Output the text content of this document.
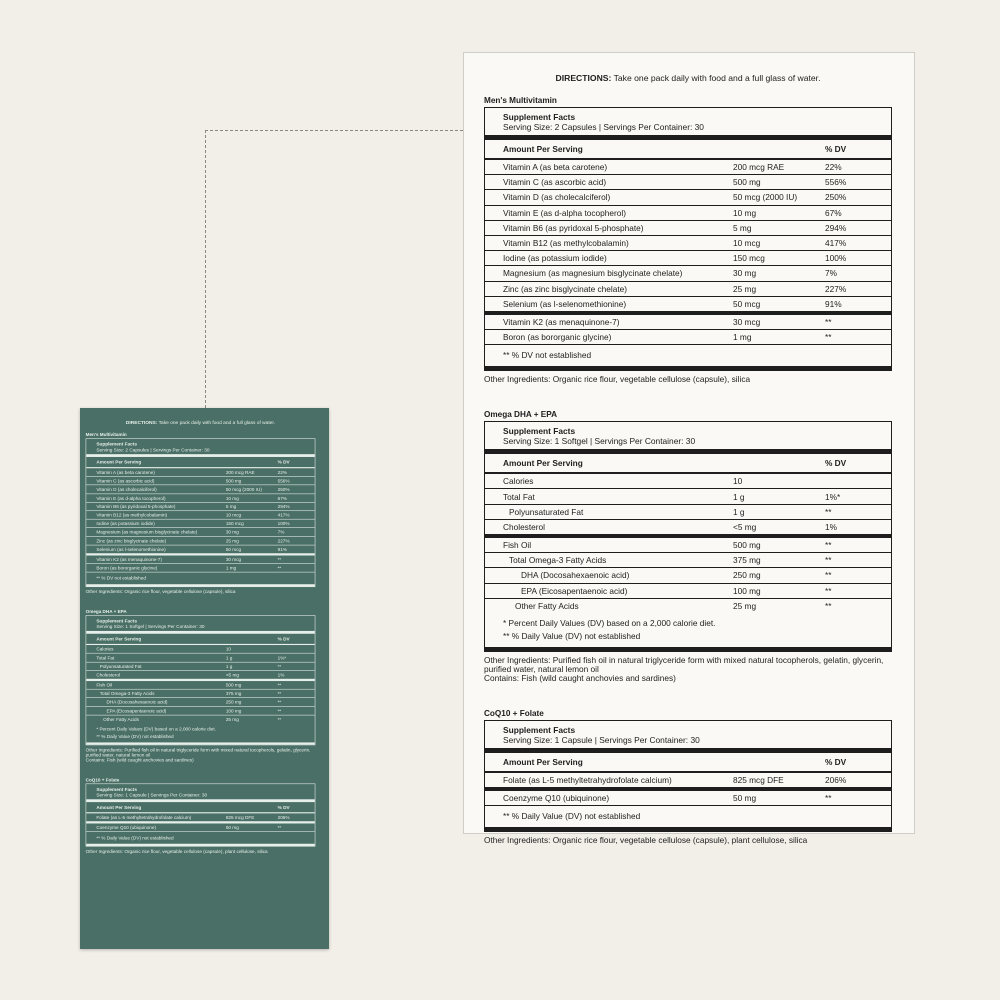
DIRECTIONS: Take one pack daily with food and a full glass of water.
Men's Multivitamin
Supplement Facts
Serving Size: 2 Capsules | Servings Per Container: 30
Amount Per Serving	% DV
Vitamin A (as beta carotene)	200 mcg RAE	22%
Vitamin C (as ascorbic acid)	500 mg	556%
Vitamin D (as cholecalciferol)	50 mcg (2000 IU)	250%
Vitamin E (as d-alpha tocopherol)	10 mg	67%
Vitamin B6 (as pyridoxal 5-phosphate)	5 mg	294%
Vitamin B12 (as methylcobalamin)	10 mcg	417%
Iodine (as potassium iodide)	150 mcg	100%
Magnesium (as magnesium bisglycinate chelate)	30 mg	7%
Zinc (as zinc bisglycinate chelate)	25 mg	227%
Selenium (as l-selenomethionine)	50 mcg	91%
Vitamin K2 (as menaquinone-7)	30 mcg	**
Boron (as bororganic glycine)	1 mg	**
** % DV not established
Other Ingredients: Organic rice flour, vegetable cellulose (capsule), silica
Omega DHA + EPA
Supplement Facts
Serving Size: 1 Softgel | Servings Per Container: 30
Amount Per Serving	% DV
Calories	10
Total Fat	1 g	1%*
Polyunsaturated Fat	1 g	**
Cholesterol	<5 mg	1%
Fish Oil	500 mg	**
Total Omega-3 Fatty Acids	375 mg	**
DHA (Docosahexaenoic acid)	250 mg	**
EPA (Eicosapentaenoic acid)	100 mg	**
Other Fatty Acids	25 mg	**
* Percent Daily Values (DV) based on a 2,000 calorie diet.
** % Daily Value (DV) not established
Other Ingredients: Purified fish oil in natural triglyceride form with mixed natural tocopherols, gelatin, glycerin, purified water, natural lemon oil
Contains: Fish (wild caught anchovies and sardines)
CoQ10 + Folate
Supplement Facts
Serving Size: 1 Capsule | Servings Per Container: 30
Amount Per Serving	% DV
Folate (as L-5 methyltetrahydrofolate calcium)	825 mcg DFE	206%
Coenzyme Q10 (ubiquinone)	50 mg	**
** % Daily Value (DV) not established
Other Ingredients: Organic rice flour, vegetable cellulose (capsule), plant cellulose, silica
DIRECTIONS: Take one pack daily with food and a full glass of water.
Men's Multivitamin
Supplement Facts
Serving Size: 2 Capsules | Servings Per Container: 30
Amount Per Serving	% DV
Vitamin A (as beta carotene)	200 mcg RAE	22%
Vitamin C (as ascorbic acid)	500 mg	556%
Vitamin D (as cholecalciferol)	50 mcg (2000 IU)	250%
Vitamin E (as d-alpha tocopherol)	10 mg	67%
Vitamin B6 (as pyridoxal 5-phosphate)	5 mg	294%
Vitamin B12 (as methylcobalamin)	10 mcg	417%
Iodine (as potassium iodide)	150 mcg	100%
Magnesium (as magnesium bisglycinate chelate)	30 mg	7%
Zinc (as zinc bisglycinate chelate)	25 mg	227%
Selenium (as l-selenomethionine)	50 mcg	91%
Vitamin K2 (as menaquinone-7)	30 mcg	**
Boron (as bororganic glycine)	1 mg	**
** % DV not established
Other Ingredients: Organic rice flour, vegetable cellulose (capsule), silica
Omega DHA + EPA
Supplement Facts
Serving Size: 1 Softgel | Servings Per Container: 30
Amount Per Serving	% DV
Calories	10
Total Fat	1 g	1%*
Polyunsaturated Fat	1 g	**
Cholesterol	<5 mg	1%
Fish Oil	500 mg	**
Total Omega-3 Fatty Acids	375 mg	**
DHA (Docosahexaenoic acid)	250 mg	**
EPA (Eicosapentaenoic acid)	100 mg	**
Other Fatty Acids	25 mg	**
* Percent Daily Values (DV) based on a 2,000 calorie diet.
** % Daily Value (DV) not established
Other Ingredients: Purified fish oil in natural triglyceride form with mixed natural tocopherols, gelatin, glycerin, purified water, natural lemon oil
Contains: Fish (wild caught anchovies and sardines)
CoQ10 + Folate
Supplement Facts
Serving Size: 1 Capsule | Servings Per Container: 30
Amount Per Serving	% DV
Folate (as L-5 methyltetrahydrofolate calcium)	825 mcg DFE	206%
Coenzyme Q10 (ubiquinone)	50 mg	**
** % Daily Value (DV) not established
Other Ingredients: Organic rice flour, vegetable cellulose (capsule), plant cellulose, silica
